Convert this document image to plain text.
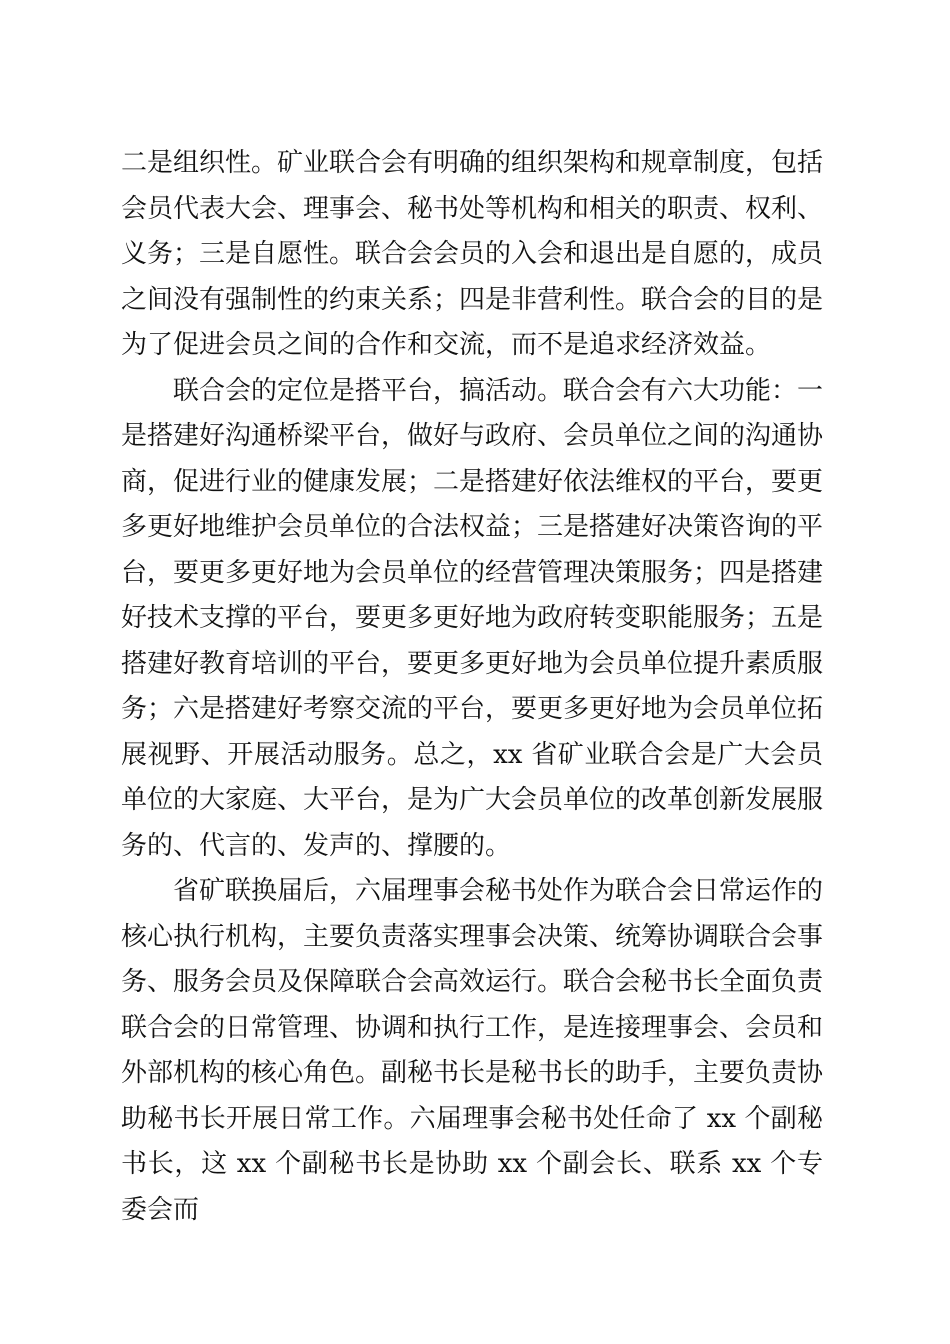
二是组织性。矿业联合会有明确的组织架构和规章制度，包括会员代表大会、理事会、秘书处等机构和相关的职责、权利、义务；三是自愿性。联合会会员的入会和退出是自愿的，成员之间没有强制性的约束关系；四是非营利性。联合会的目的是为了促进会员之间的合作和交流，而不是追求经济效益。

联合会的定位是搭平台，搞活动。联合会有六大功能：一是搭建好沟通桥梁平台，做好与政府、会员单位之间的沟通协商，促进行业的健康发展；二是搭建好依法维权的平台，要更多更好地维护会员单位的合法权益；三是搭建好决策咨询的平台，要更多更好地为会员单位的经营管理决策服务；四是搭建好技术支撑的平台，要更多更好地为政府转变职能服务；五是搭建好教育培训的平台，要更多更好地为会员单位提升素质服务；六是搭建好考察交流的平台，要更多更好地为会员单位拓展视野、开展活动服务。总之，xx 省矿业联合会是广大会员单位的大家庭、大平台，是为广大会员单位的改革创新发展服务的、代言的、发声的、撑腰的。

省矿联换届后，六届理事会秘书处作为联合会日常运作的核心执行机构，主要负责落实理事会决策、统筹协调联合会事务、服务会员及保障联合会高效运行。联合会秘书长全面负责联合会的日常管理、协调和执行工作，是连接理事会、会员和外部机构的核心角色。副秘书长是秘书长的助手，主要负责协助秘书长开展日常工作。六届理事会秘书处任命了 xx 个副秘书长，这 xx 个副秘书长是协助 xx 个副会长、联系 xx 个专委会而
